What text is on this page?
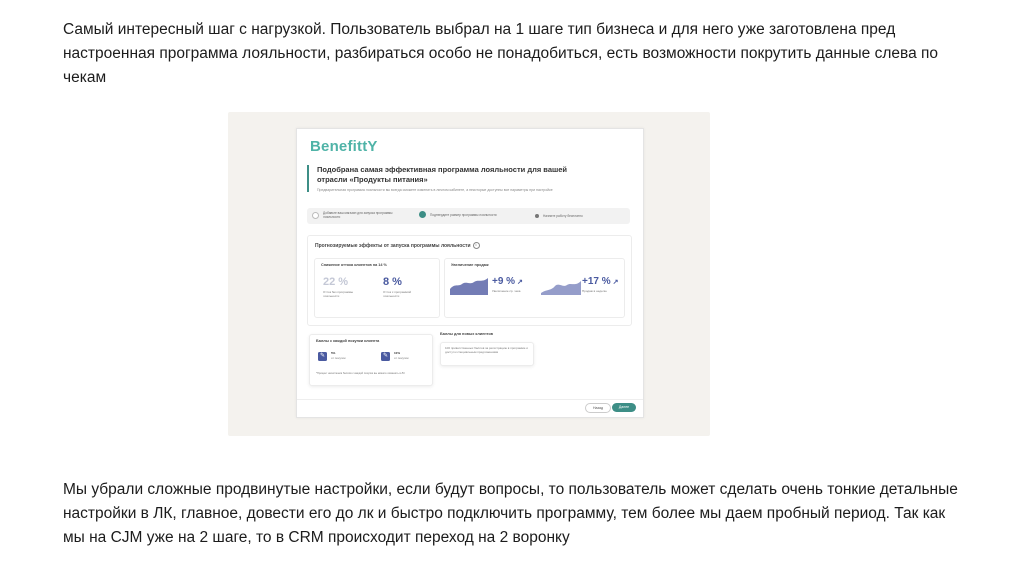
Самый интересный шаг с нагрузкой. Пользователь выбрал на 1 шаге тип бизнеса и для него уже заготовлена пред настроенная программа лояльности, разбираться особо не понадобиться, есть возможности покрутить данные слева по чекам
BenefittY
Подобрана самая эффективная программа лояльности для вашей отрасли «Продукты питания»
Предварительная программа лояльности вы всегда сможете изменить в личном кабинете, а некоторые доступны все параметры при настройке
Добавьте ваш магазин для запуска программы лояльности
Подтвердите размер программы лояльности	Начните работу бесплатно
Прогнозируемые эффекты от запуска программы лояльности i
Снижение оттока клиентов на 14 %
22 %
Отток без программы лояльности
8 %
Отток с программой лояльности
Увеличение продаж
+9 % ↗
Увеличение ср. чека
+17 % ↗
Продаж в неделю
Баллы с каждой покупки клиента
✎	5%
от покупок	✎	10%
от покупок
*Процент начисления баллов с каждой покупки вы можете изменить в ЛК
Баллы для новых клиентов
100 приветственных баллов за регистрацию в программе и доступ к специальным предложениям
Назад	Далее
Мы убрали сложные продвинутые настройки, если будут вопросы, то пользователь может сделать очень тонкие детальные настройки в ЛК, главное, довести его до лк и быстро подключить программу, тем более мы даем пробный период. Так как мы на CJM уже на 2 шаге, то в CRM происходит переход на 2 воронку
